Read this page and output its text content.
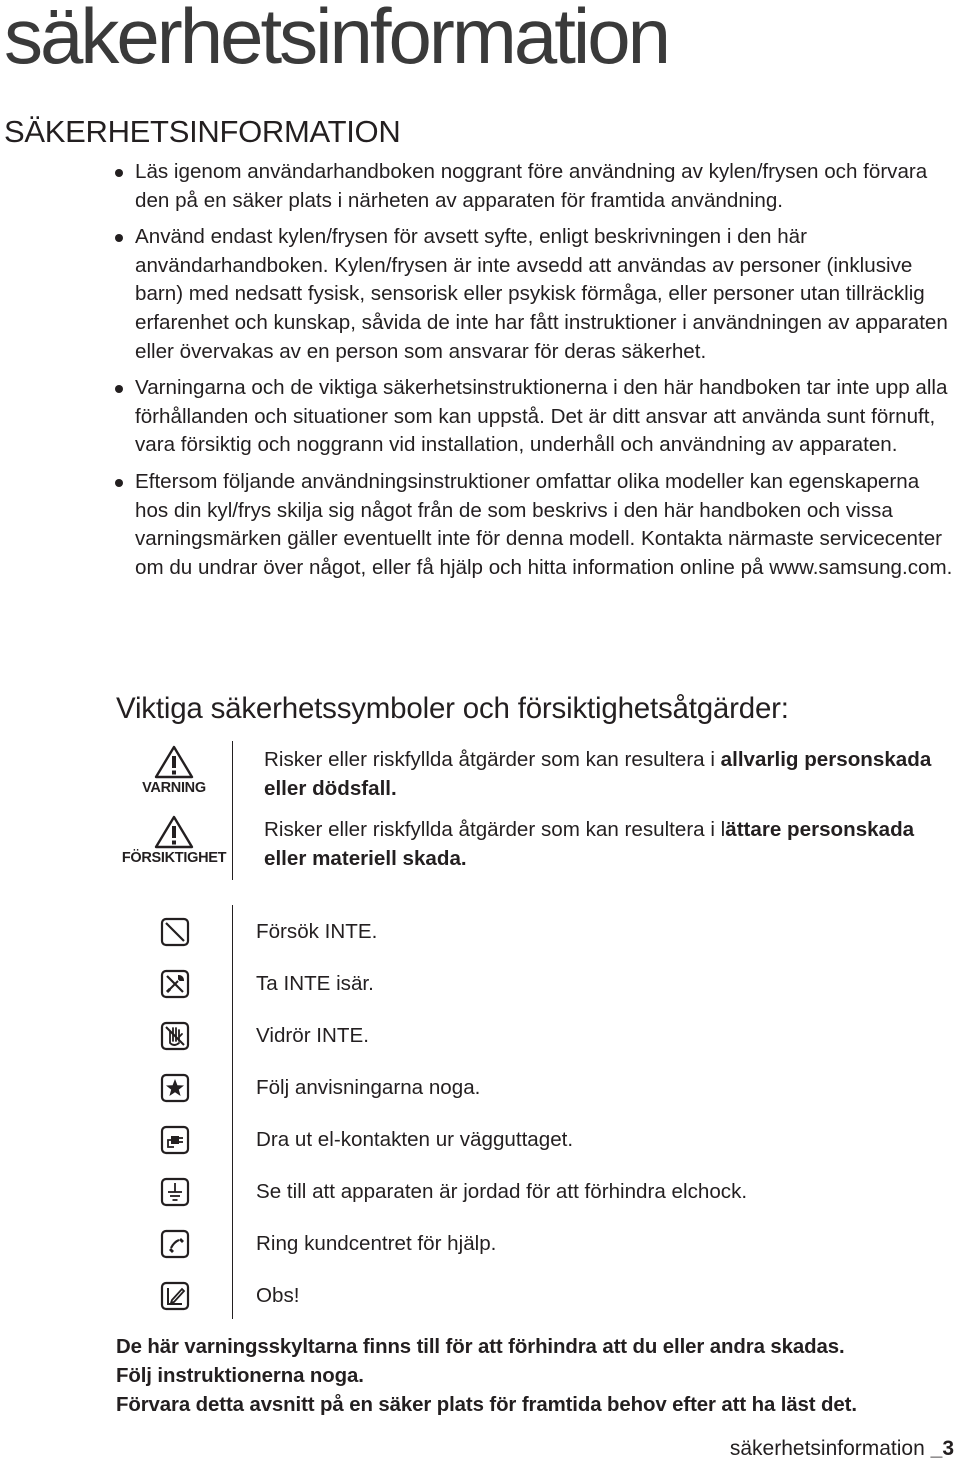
säkerhetsinformation
SÄKERHETSINFORMATION
Läs igenom användarhandboken noggrant före användning av kylen/frysen och förvara den på en säker plats i närheten av apparaten för framtida användning.
Använd endast kylen/frysen för avsett syfte, enligt beskrivningen i den här användarhandboken. Kylen/frysen är inte avsedd att användas av personer (inklusive barn) med nedsatt fysisk, sensorisk eller psykisk förmåga, eller personer utan tillräcklig erfarenhet och kunskap, såvida de inte har fått instruktioner i användningen av apparaten eller övervakas av en person som ansvarar för deras säkerhet.
Varningarna och de viktiga säkerhetsinstruktionerna i den här handboken tar inte upp alla förhållanden och situationer som kan uppstå. Det är ditt ansvar att använda sunt förnuft, vara försiktig och noggrann vid installation, underhåll och användning av apparaten.
Eftersom följande användningsinstruktioner omfattar olika modeller kan egenskaperna hos din kyl/frys skilja sig något från de som beskrivs i den här handboken och vissa varningsmärken gäller eventuellt inte för denna modell. Kontakta närmaste servicecenter om du undrar över något, eller få hjälp och hitta information online på www.samsung.com.
Viktiga säkerhetssymboler och försiktighetsåtgärder:
VARNING
Risker eller riskfyllda åtgärder som kan resultera i allvarlig personskada eller dödsfall.
FÖRSIKTIGHET
Risker eller riskfyllda åtgärder som kan resultera i lättare personskada eller materiell skada.
Försök INTE.
Ta INTE isär.
Vidrör INTE.
Följ anvisningarna noga.
Dra ut el-kontakten ur vägguttaget.
Se till att apparaten är jordad för att förhindra elchock.
Ring kundcentret för hjälp.
Obs!

De här varningsskyltarna finns till för att förhindra att du eller andra skadas.

Följ instruktionerna noga.

Förvara detta avsnitt på en säker plats för framtida behov efter att ha läst det.

säkerhetsinformation _3
